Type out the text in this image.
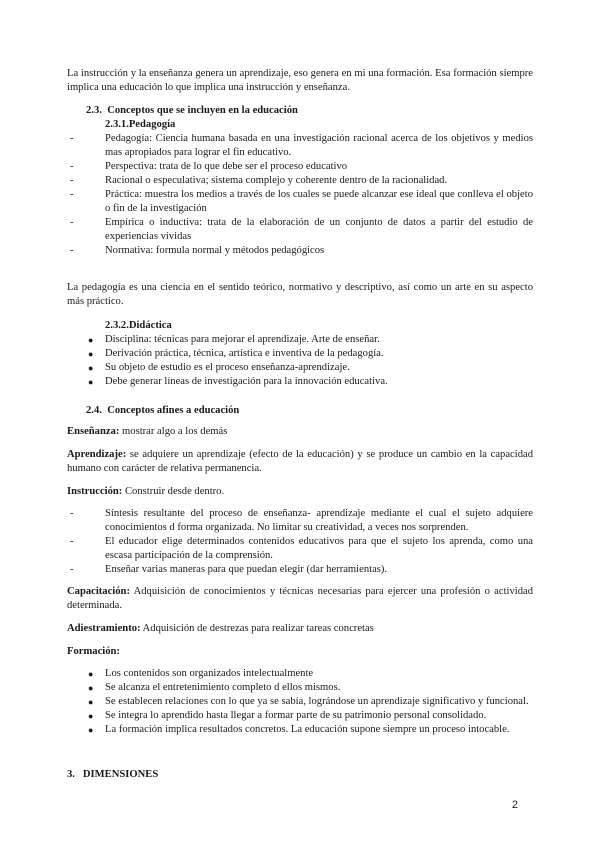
La instrucción y la enseñanza genera un aprendizaje, eso genera en mi una formación. Esa formación siempre implica una educación lo que implica una instrucción y enseñanza.

2.3. Conceptos que se incluyen en la educación
2.3.1.Pedagogía
-	Pedagogía: Ciencia humana basada en una investigación racional acerca de los objetivos y medios mas apropiados para lograr el fin educativo.
-	Perspectiva: trata de lo que debe ser el proceso educativo
-	Racional o especulativa; sistema complejo y coherente dentro de la racionalidad.
-	Práctica: muestra los medios a través de los cuales se puede alcanzar ese ideal que conlleva el objeto o fin de la investigación
-	Empírica o inductiva: trata de la elaboración de un conjunto de datos a partir del estudio de experiencias vividas
-	Normativa: formula normal y métodos pedagógicos

La pedagogía es una ciencia en el sentido teórico, normativo y descriptivo, así como un arte en su aspecto más práctico.

2.3.2.Didáctica
● Disciplina: técnicas para mejorar el aprendizaje. Arte de enseñar.
● Derivación práctica, técnica, artística e inventiva de la pedagogía.
● Su objeto de estudio es el proceso enseñanza-aprendizaje.
● Debe generar líneas de investigación para la innovación educativa.
2.4. Conceptos afines a educación

Enseñanza: mostrar algo a los demás

Aprendizaje: se adquiere un aprendizaje (efecto de la educación) y se produce un cambio en la capacidad humano con carácter de relativa permanencia.

Instrucción: Construir desde dentro.

-	Síntesis resultante del proceso de enseñanza- aprendizaje mediante el cual el sujeto adquiere conocimientos d forma organizada. No limitar su creatividad, a veces nos sorprenden.
-	El educador elige determinados contenidos educativos para que el sujeto los aprenda, como una escasa participación de la comprensión.
-	Enseñar varias maneras para que puedan elegir (dar herramientas).

Capacitación: Adquisición de conocimientos y técnicas necesarias para ejercer una profesión o actividad determinada.

Adiestramiento: Adquisición de destrezas para realizar tareas concretas

Formación:

● Los contenidos son organizados intelectualmente
● Se alcanza el entretenimiento completo d ellos mismos.
● Se establecen relaciones con lo que ya se sabía, lográndose un aprendizaje significativo y funcional.
● Se integra lo aprendido hasta llegar a formar parte de su patrimonio personal consolidado.
● La formación implica resultados concretos. La educación supone siempre un proceso intocable.
3. DIMENSIONES
2
